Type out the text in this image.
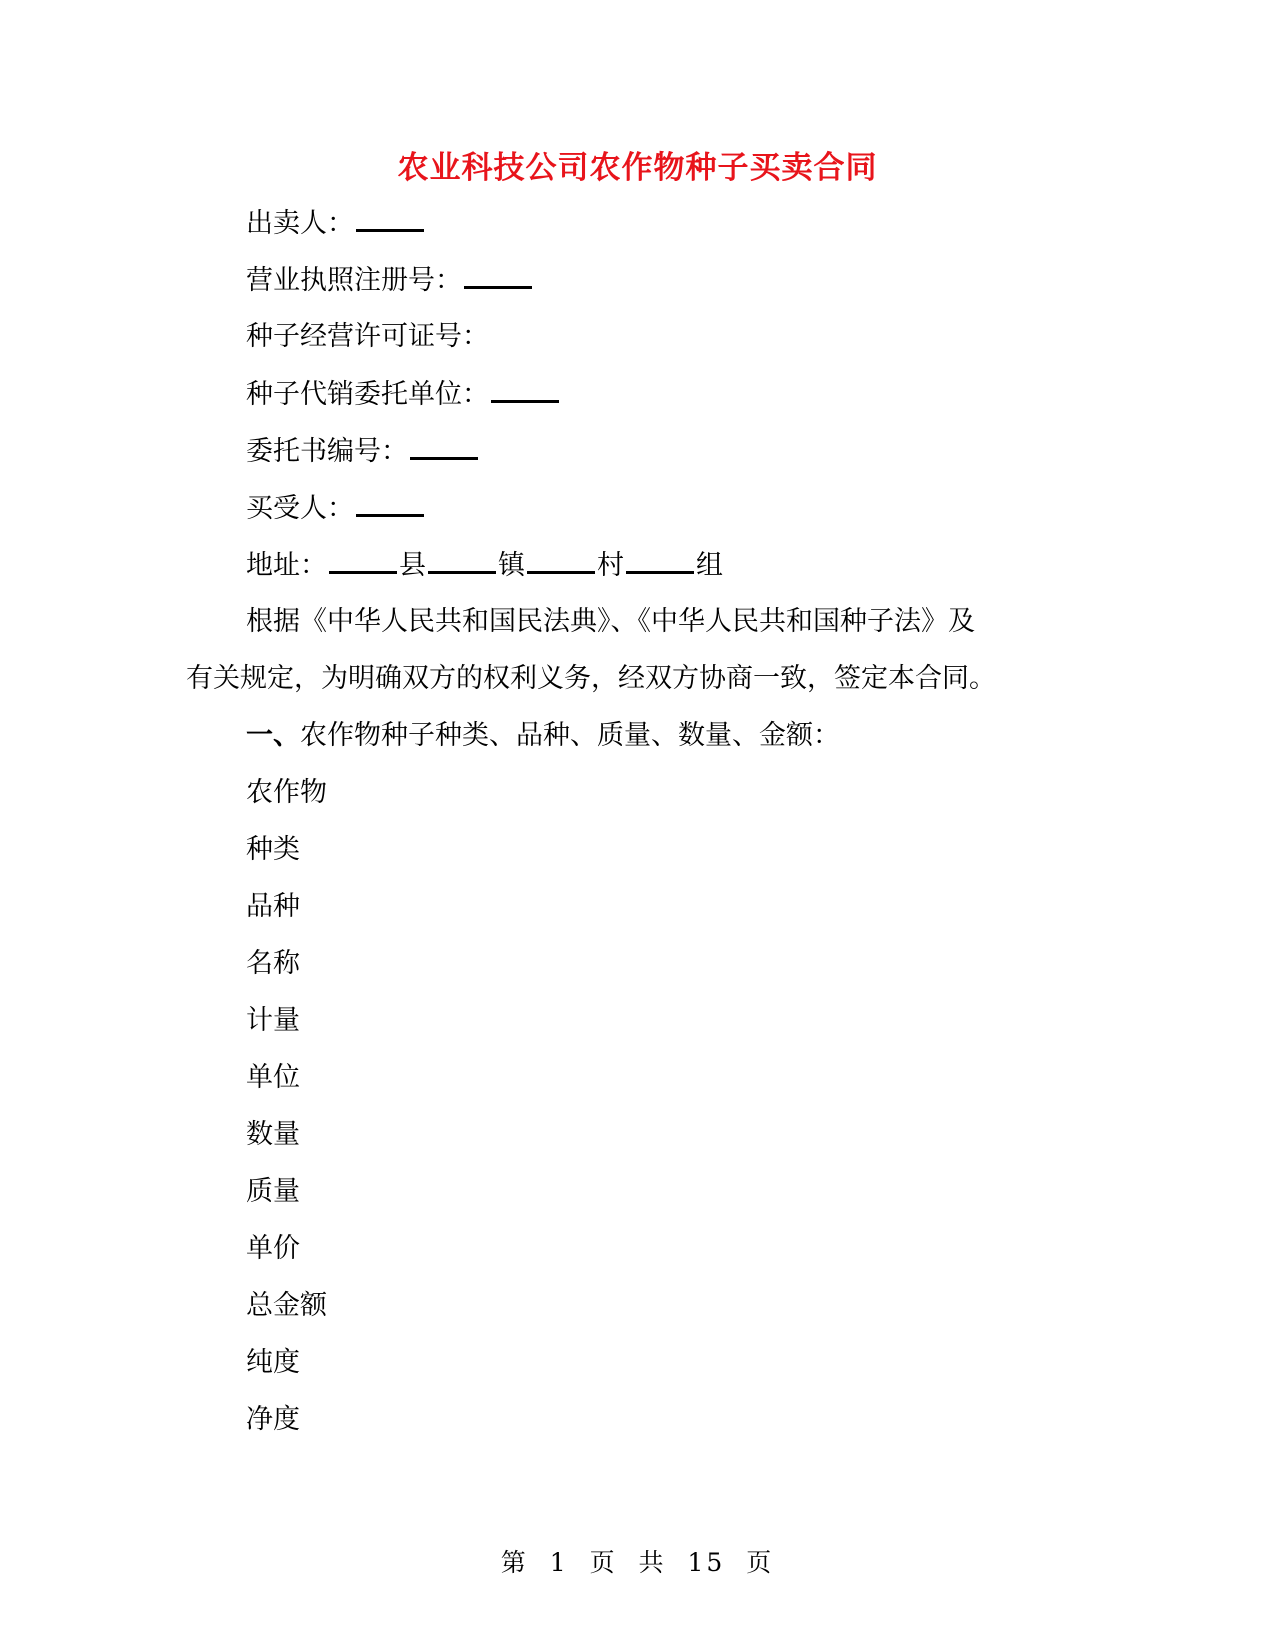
农业科技公司农作物种子买卖合同
出卖人：
营业执照注册号：
种子经营许可证号：
种子代销委托单位：
委托书编号：
买受人：
地址：	县	镇	村	组
根据《中华人民共和国民法典》、《中华人民共和国种子法》及
有关规定，为明确双方的权利义务，经双方协商一致，签定本合同。
一、农作物种子种类、品种、质量、数量、金额：
农作物
种类
品种
名称
计量
单位
数量
质量
单价
总金额
纯度
净度
第 1 页 共 15 页
